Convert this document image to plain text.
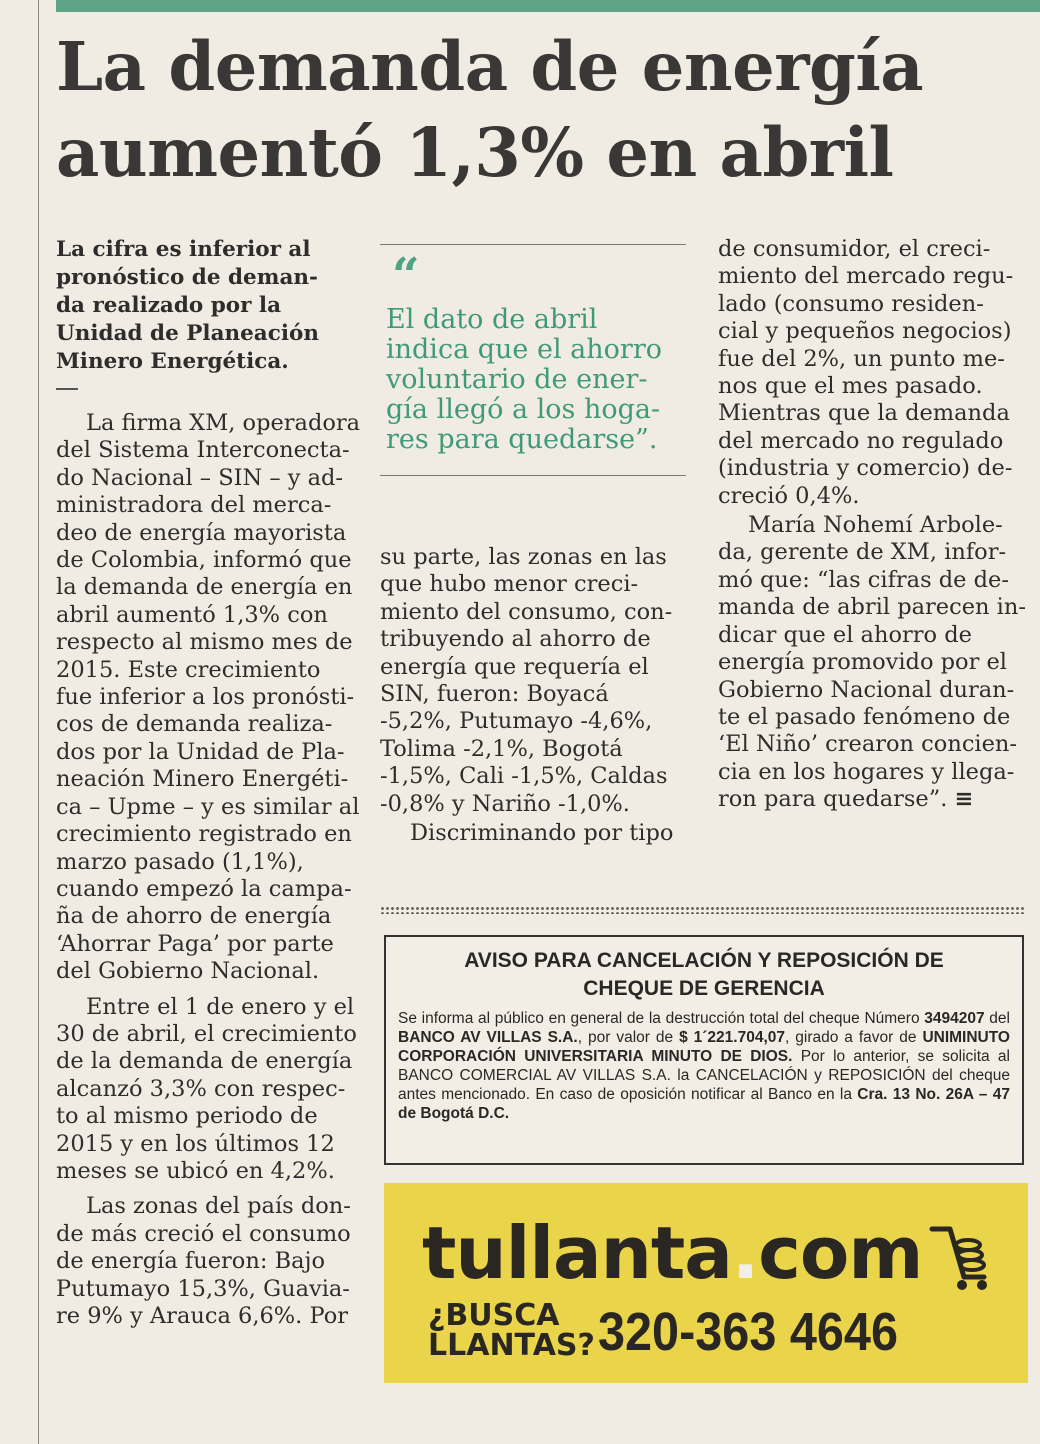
La demanda de energía
aumentó 1,3% en abril
La cifra es inferior al
pronóstico de deman-
da realizado por la
Unidad de Planeación
Minero Energética.

La firma XM, operadora
del Sistema Interconecta-
do Nacional – SIN – y ad-
ministradora del merca-
deo de energía mayorista
de Colombia, informó que
la demanda de energía en
abril aumentó 1,3% con
respecto al mismo mes de
2015. Este crecimiento
fue inferior a los pronósti-
cos de demanda realiza-
dos por la Unidad de Pla-
neación Minero Energéti-
ca – Upme – y es similar al
crecimiento registrado en
marzo pasado (1,1%),
cuando empezó la campa-
ña de ahorro de energía
‘Ahorrar Paga’ por parte
del Gobierno Nacional.

Entre el 1 de enero y el
30 de abril, el crecimiento
de la demanda de energía
alcanzó 3,3% con respec-
to al mismo periodo de
2015 y en los últimos 12
meses se ubicó en 4,2%.

Las zonas del país don-
de más creció el consumo
de energía fueron: Bajo
Putumayo 15,3%, Guavia-
re 9% y Arauca 6,6%. Por

“
El dato de abril
indica que el ahorro
voluntario de ener-
gía llegó a los hoga-
res para quedarse”.

su parte, las zonas en las
que hubo menor creci-
miento del consumo, con-
tribuyendo al ahorro de
energía que requería el
SIN, fueron: Boyacá
-5,2%, Putumayo -4,6%,
Tolima -2,1%, Bogotá
-1,5%, Cali -1,5%, Caldas
-0,8% y Nariño -1,0%.

Discriminando por tipo

de consumidor, el creci-
miento del mercado regu-
lado (consumo residen-
cial y pequeños negocios)
fue del 2%, un punto me-
nos que el mes pasado.
Mientras que la demanda
del mercado no regulado
(industria y comercio) de-
creció 0,4%.

María Nohemí Arbole-
da, gerente de XM, infor-
mó que: “las cifras de de-
manda de abril parecen in-
dicar que el ahorro de
energía promovido por el
Gobierno Nacional duran-
te el pasado fenómeno de
‘El Niño’ crearon concien-
cia en los hogares y llega-
ron para quedarse”. ≡

AVISO PARA CANCELACIÓN Y REPOSICIÓN DE
CHEQUE DE GERENCIA

Se informa al público en general de la destrucción total del cheque Número 3494207 del BANCO AV VILLAS S.A., por valor de $ 1´221.704,07, girado a favor de UNIMINUTO CORPORACIÓN UNIVERSITARIA MINUTO DE DIOS. Por lo anterior, se solicita al BANCO COMERCIAL AV VILLAS S.A. la CANCELACIÓN y REPOSICIÓN del cheque antes mencionado. En caso de oposición notificar al Banco en la Cra. 13 No. 26A – 47 de Bogotá D.C.

tullanta.com
¿BUSCA
LLANTAS? 320-363 4646
